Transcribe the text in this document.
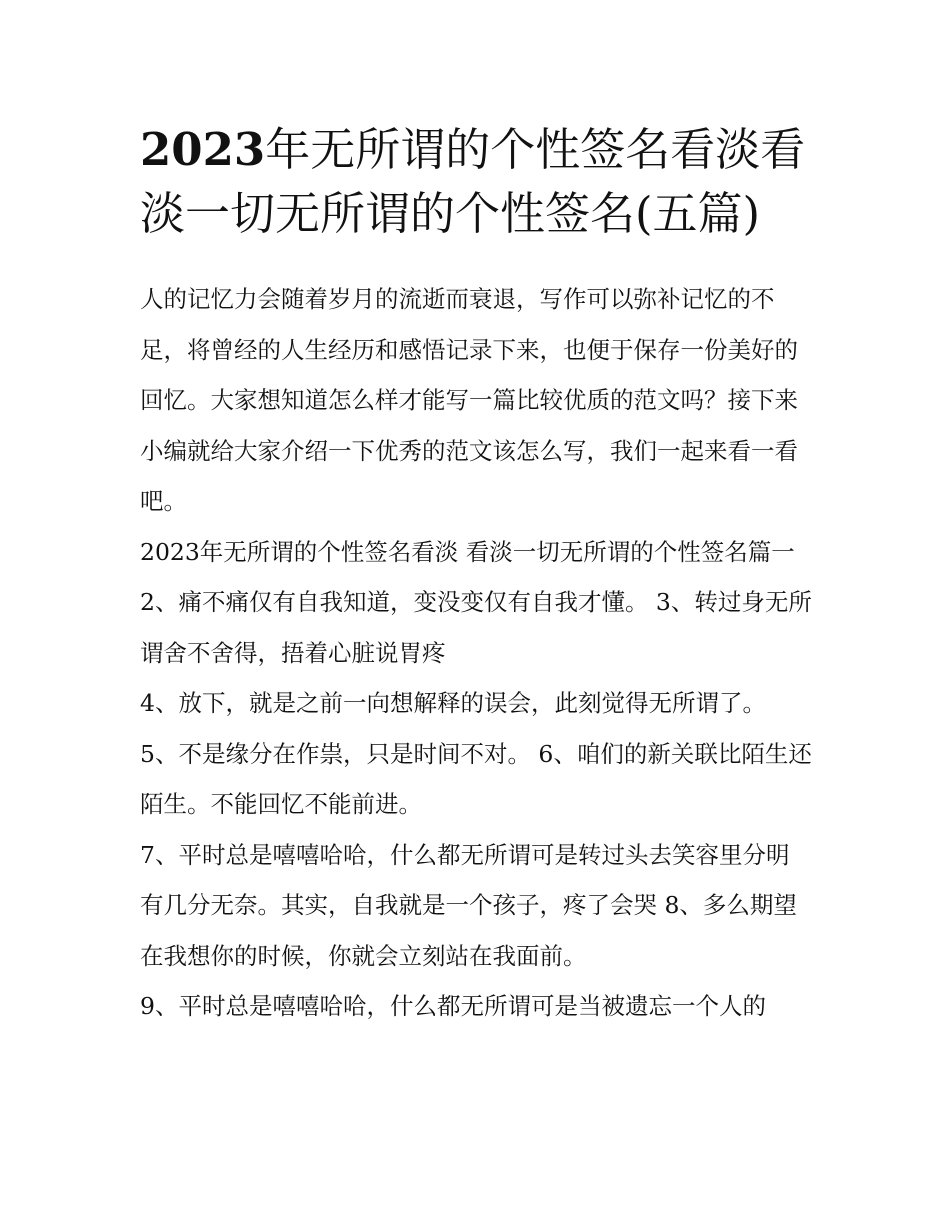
2023年无所谓的个性签名看淡看淡一切无所谓的个性签名(五篇)

人的记忆力会随着岁月的流逝而衰退，写作可以弥补记忆的不足，将曾经的人生经历和感悟记录下来，也便于保存一份美好的回忆。大家想知道怎么样才能写一篇比较优质的范文吗？接下来小编就给大家介绍一下优秀的范文该怎么写，我们一起来看一看吧。

2023年无所谓的个性签名看淡 看淡一切无所谓的个性签名篇一 2、痛不痛仅有自我知道，变没变仅有自我才懂。 3、转过身无所谓舍不舍得，捂着心脏说胃疼

4、放下，就是之前一向想解释的误会，此刻觉得无所谓了。

5、不是缘分在作祟，只是时间不对。 6、咱们的新关联比陌生还陌生。不能回忆不能前进。

7、平时总是嘻嘻哈哈，什么都无所谓可是转过头去笑容里分明有几分无奈。其实，自我就是一个孩子，疼了会哭 8、多么期望在我想你的时候，你就会立刻站在我面前。

9、平时总是嘻嘻哈哈，什么都无所谓可是当被遗忘一个人的
